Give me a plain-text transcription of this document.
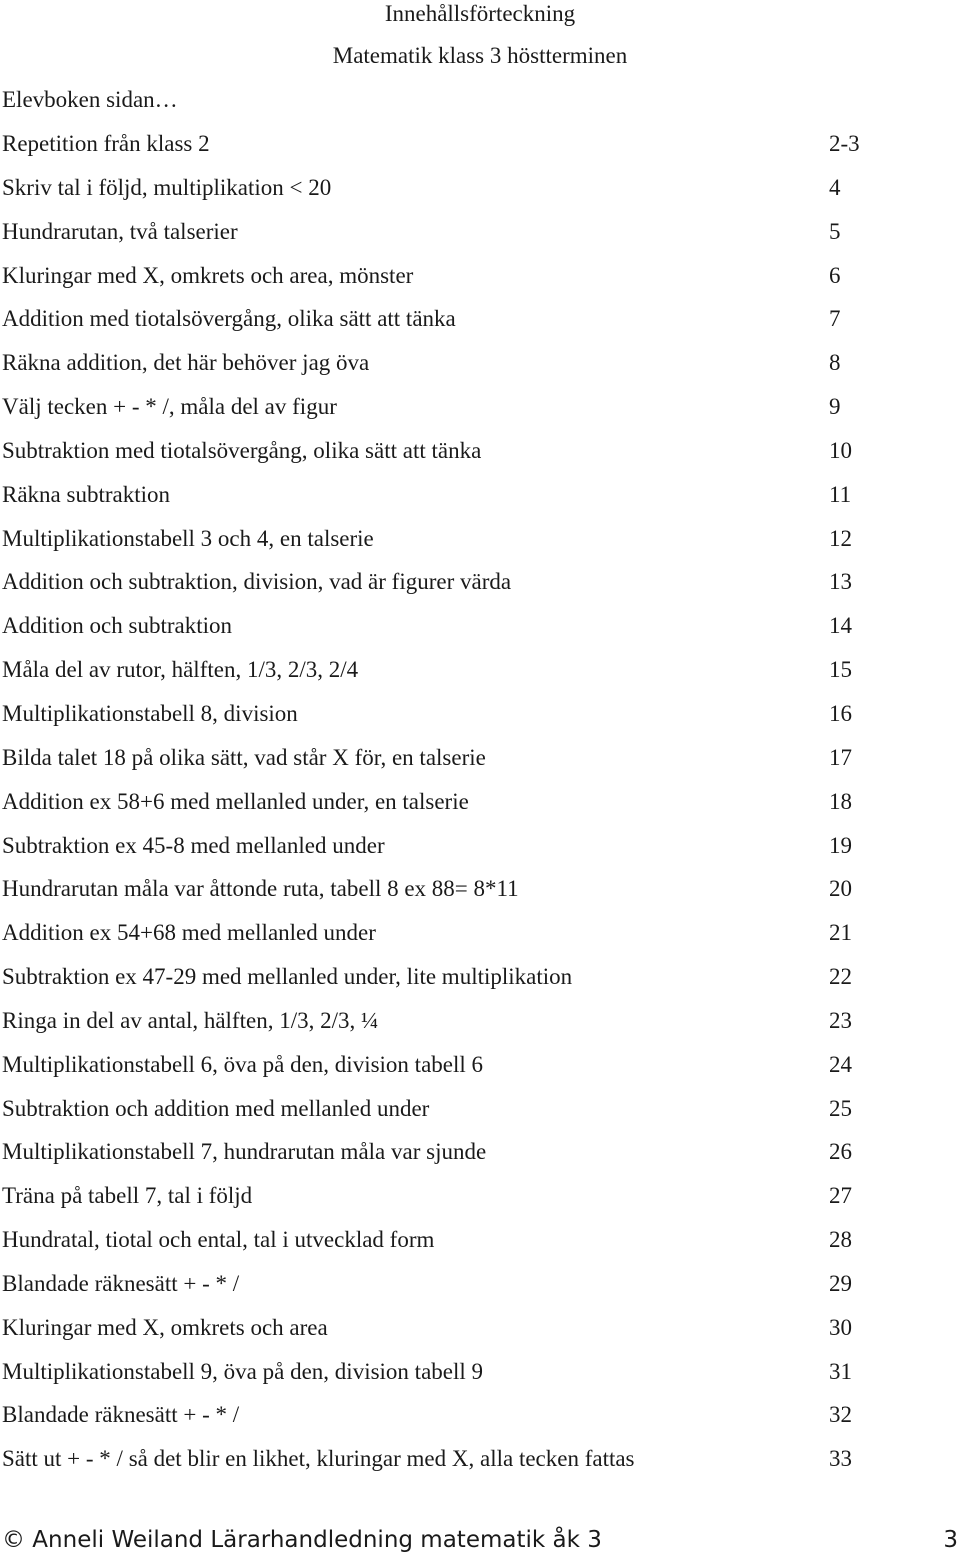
Innehållsförteckning
Matematik klass 3 höstterminen
Elevboken sidan…
Repetition från klass 2	2-3
Skriv tal i följd, multiplikation < 20	4
Hundrarutan, två talserier	5
Kluringar med X, omkrets och area, mönster	6
Addition med tiotalsövergång, olika sätt att tänka	7
Räkna addition, det här behöver jag öva	8
Välj tecken + - * /, måla del av figur	9
Subtraktion med tiotalsövergång, olika sätt att tänka	10
Räkna subtraktion	11
Multiplikationstabell 3 och 4, en talserie	12
Addition och subtraktion, division, vad är figurer värda	13
Addition och subtraktion	14
Måla del av rutor, hälften, 1/3, 2/3, 2/4	15
Multiplikationstabell 8, division	16
Bilda talet 18 på olika sätt, vad står X för, en talserie	17
Addition ex 58+6 med mellanled under, en talserie	18
Subtraktion ex 45-8 med mellanled under	19
Hundrarutan måla var åttonde ruta, tabell 8 ex 88= 8*11	20
Addition ex 54+68 med mellanled under	21
Subtraktion ex 47-29 med mellanled under, lite multiplikation	22
Ringa in del av antal, hälften, 1/3, 2/3, ¼	23
Multiplikationstabell 6, öva på den, division tabell 6	24
Subtraktion och addition med mellanled under	25
Multiplikationstabell 7, hundrarutan måla var sjunde	26
Träna på tabell 7, tal i följd	27
Hundratal, tiotal och ental, tal i utvecklad form	28
Blandade räknesätt + - * /	29
Kluringar med X, omkrets och area	30
Multiplikationstabell 9, öva på den, division tabell 9	31
Blandade räknesätt + - * /	32
Sätt ut + - * / så det blir en likhet, kluringar med X, alla tecken fattas	33
© Anneli Weiland Lärarhandledning matematik åk 3	3
